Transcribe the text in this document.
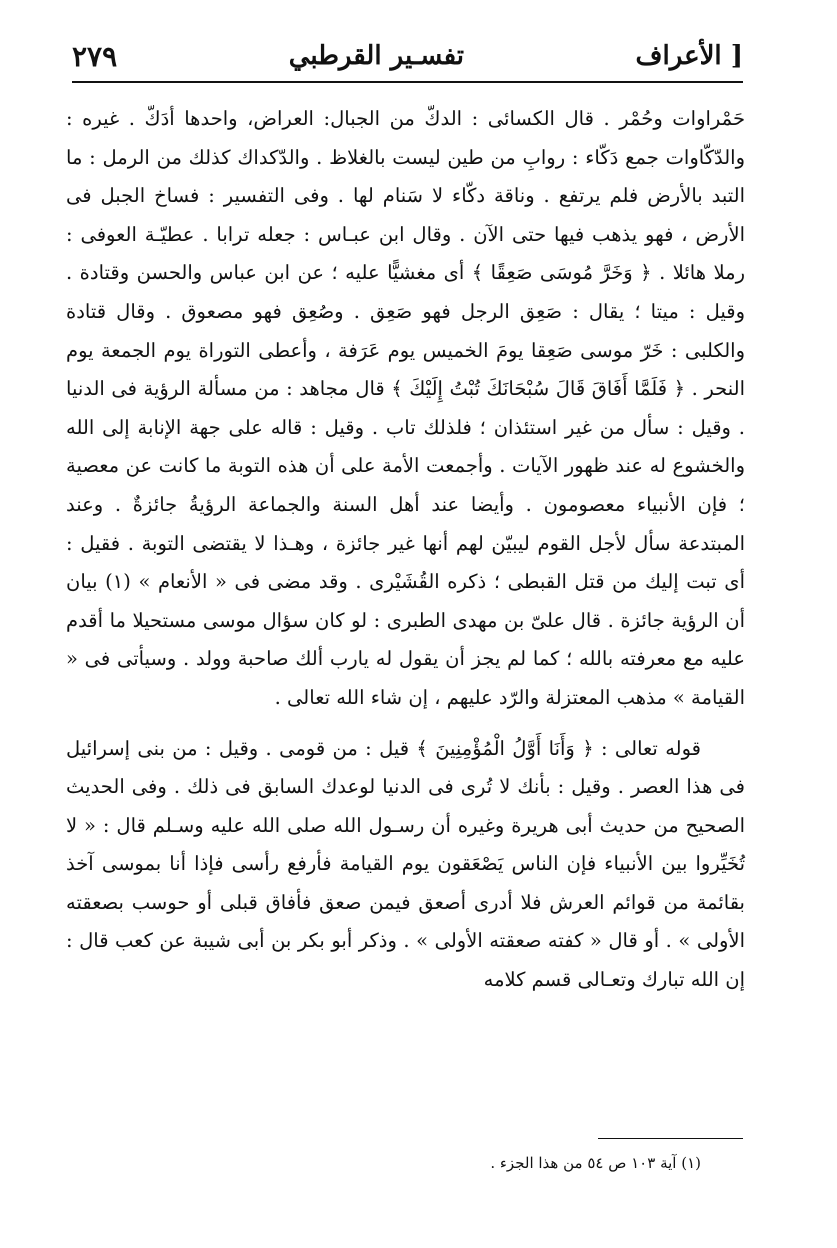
٢٧٩	تفسـير القرطبي	الأعراف ]

حَمْراوات وحُمْر . قال الكسائى : الدكّ من الجبال: العراض، واحدها أدَكّ . غيره : والدّكّاوات جمع دَكّاء : روابِ من طين ليست بالغلاظ . والدّكداك كذلك من الرمل : ما التبد بالأرض فلم يرتفع . وناقة دكّاء لا سَنام لها . وفى التفسير : فساخ الجبل فى الأرض ، فهو يذهب فيها حتى الآن . وقال ابن عبـاس : جعله ترابا . عطيّـة العوفى : رملا هائلا . ﴿ وَخَرَّ مُوسَى صَعِقًا ﴾ أى مغشيًّا عليه ؛ عن ابن عباس والحسن وقتادة . وقيل : ميتا ؛ يقال : صَعِق الرجل فهو صَعِق . وصُعِق فهو مصعوق . وقال قتادة والكلبى : خَرّ موسى صَعِقا يومَ الخميس يوم عَرَفة ، وأعطى التوراة يوم الجمعة يوم النحر . ﴿ فَلَمَّا أَفَاقَ قَالَ سُبْحَانَكَ تُبْتُ إِلَيْكَ ﴾ قال مجاهد : من مسألة الرؤية فى الدنيا . وقيل : سأل من غير استئذان ؛ فلذلك تاب . وقيل : قاله على جهة الإنابة إلى الله والخشوع له عند ظهور الآيات . وأجمعت الأمة على أن هذه التوبة ما كانت عن معصية ؛ فإن الأنبياء معصومون . وأيضا عند أهل السنة والجماعة الرؤيةُ جائزةٌ . وعند المبتدعة سأل لأجل القوم ليبيّن لهم أنها غير جائزة ، وهـذا لا يقتضى التوبة . فقيل : أى تبت إليك من قتل القبطى ؛ ذكره القُشَيْرى . وقد مضى فى « الأنعام » (١) بيان أن الرؤية جائزة . قال علىّ بن مهدى الطبرى : لو كان سؤال موسى مستحيلا ما أقدم عليه مع معرفته بالله ؛ كما لم يجز أن يقول له يارب ألك صاحبة وولد . وسيأتى فى « القيامة » مذهب المعتزلة والرّد عليهم ، إن شاء الله تعالى .

قوله تعالى : ﴿ وَأَنَا أَوَّلُ الْمُؤْمِنِينَ ﴾ قيل : من قومى . وقيل : من بنى إسرائيل فى هذا العصر . وقيل : بأنك لا تُرى فى الدنيا لوعدك السابق فى ذلك . وفى الحديث الصحيح من حديث أبى هريرة وغيره أن رسـول الله صلى الله عليه وسـلم قال : « لا تُخَيِّروا بين الأنبياء فإن الناس يَصْعَقون يوم القيامة فأرفع رأسى فإذا أنا بموسى آخذ بقائمة من قوائم العرش فلا أدرى أصعق فيمن صعق فأفاق قبلى أو حوسب بصعقته الأولى » . أو قال « كفته صعقته الأولى » . وذكر أبو بكر بن أبى شيبة عن كعب قال : إن الله تبارك وتعـالى قسم كلامه

(١) آية ١٠٣ ص ٥٤ من هذا الجزء .
